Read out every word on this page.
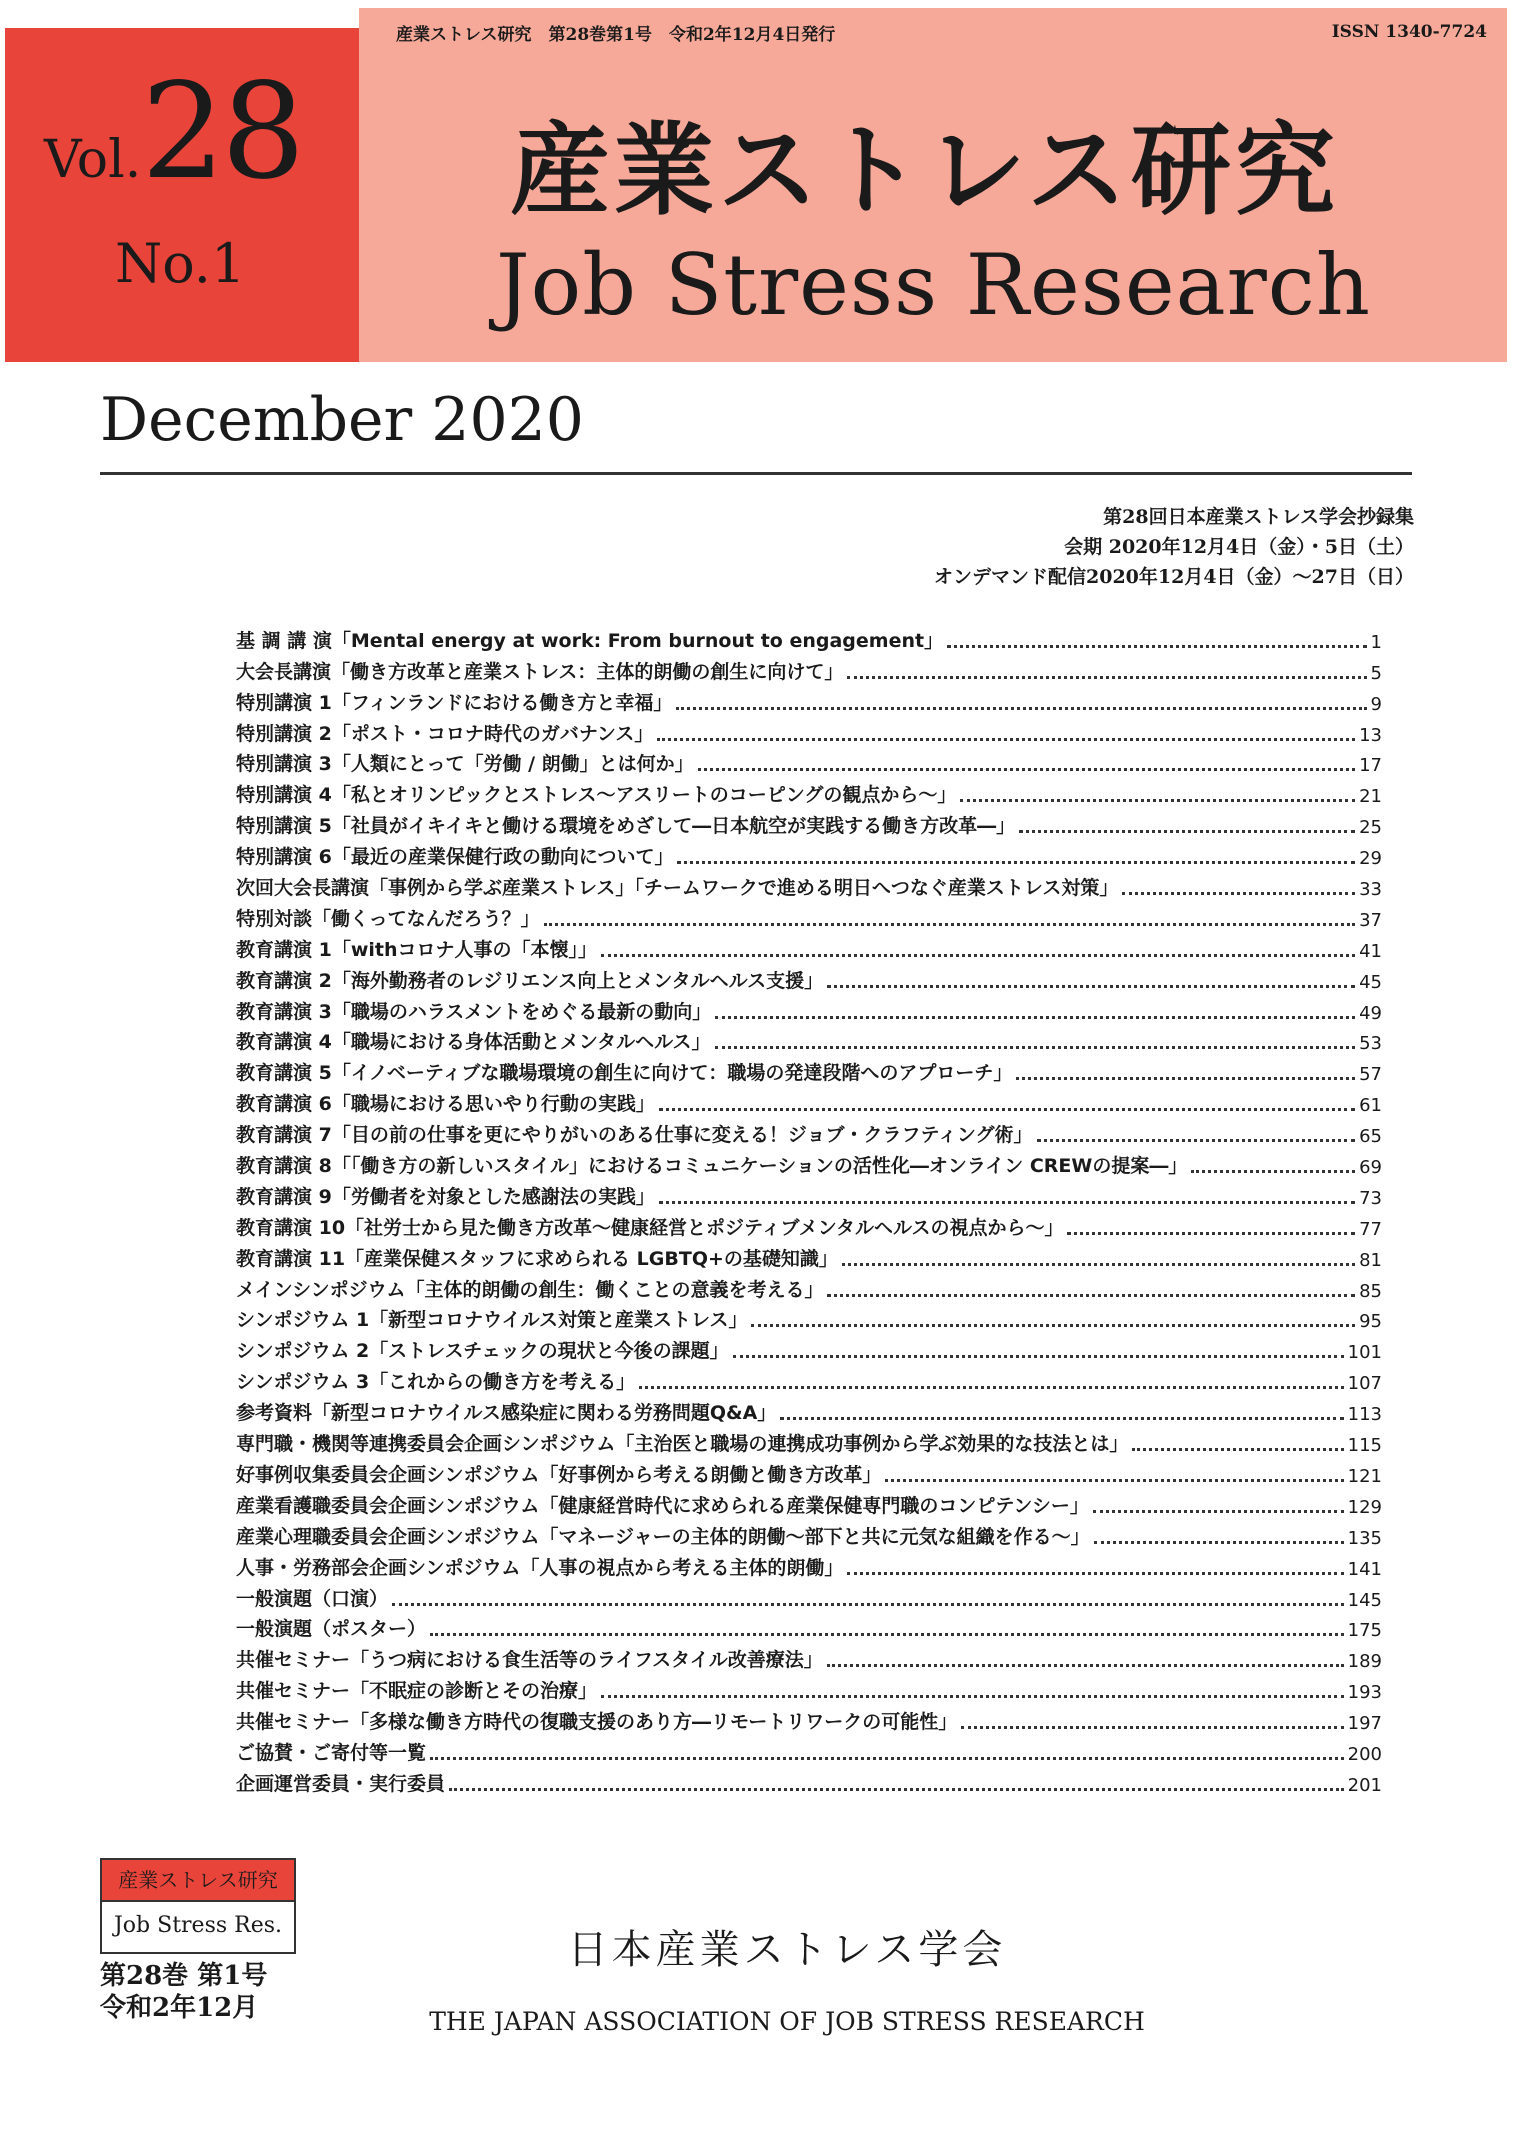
産業ストレス研究　第28巻第1号　令和2年12月4日発行	ISSN 1340-7724
Vol.28
No.1
産業ストレス研究
Job Stress Research
December 2020
第28回日本産業ストレス学会抄録集
会期 2020年12月4日（金）・5日（土）
オンデマンド配信2020年12月4日（金）～27日（日）
基 調 講 演「Mental energy at work: From burnout to engagement」	1
大会長講演「働き方改革と産業ストレス：主体的朗働の創生に向けて」	5
特別講演 1「フィンランドにおける働き方と幸福」	9
特別講演 2「ポスト・コロナ時代のガバナンス」	13
特別講演 3「人類にとって「労働 / 朗働」とは何か」	17
特別講演 4「私とオリンピックとストレス～アスリートのコーピングの観点から～」	21
特別講演 5「社員がイキイキと働ける環境をめざして―日本航空が実践する働き方改革―」	25
特別講演 6「最近の産業保健行政の動向について」	29
次回大会長講演「事例から学ぶ産業ストレス」「チームワークで進める明日へつなぐ産業ストレス対策」	33
特別対談「働くってなんだろう？」	37
教育講演 1「withコロナ人事の「本懐」」	41
教育講演 2「海外勤務者のレジリエンス向上とメンタルヘルス支援」	45
教育講演 3「職場のハラスメントをめぐる最新の動向」	49
教育講演 4「職場における身体活動とメンタルヘルス」	53
教育講演 5「イノベーティブな職場環境の創生に向けて：職場の発達段階へのアプローチ」	57
教育講演 6「職場における思いやり行動の実践」	61
教育講演 7「目の前の仕事を更にやりがいのある仕事に変える！ジョブ・クラフティング術」	65
教育講演 8「「働き方の新しいスタイル」におけるコミュニケーションの活性化―オンライン CREWの提案―」	69
教育講演 9「労働者を対象とした感謝法の実践」	73
教育講演 10「社労士から見た働き方改革～健康経営とポジティブメンタルヘルスの視点から～」	77
教育講演 11「産業保健スタッフに求められる LGBTQ+の基礎知識」	81
メインシンポジウム「主体的朗働の創生：働くことの意義を考える」	85
シンポジウム 1「新型コロナウイルス対策と産業ストレス」	95
シンポジウム 2「ストレスチェックの現状と今後の課題」	101
シンポジウム 3「これからの働き方を考える」	107
参考資料「新型コロナウイルス感染症に関わる労務問題Q&A」	113
専門職・機関等連携委員会企画シンポジウム「主治医と職場の連携成功事例から学ぶ効果的な技法とは」	115
好事例収集委員会企画シンポジウム「好事例から考える朗働と働き方改革」	121
産業看護職委員会企画シンポジウム「健康経営時代に求められる産業保健専門職のコンピテンシー」	129
産業心理職委員会企画シンポジウム「マネージャーの主体的朗働～部下と共に元気な組織を作る～」	135
人事・労務部会企画シンポジウム「人事の視点から考える主体的朗働」	141
一般演題（口演）	145
一般演題（ポスター）	175
共催セミナー「うつ病における食生活等のライフスタイル改善療法」	189
共催セミナー「不眠症の診断とその治療」	193
共催セミナー「多様な働き方時代の復職支援のあり方―リモートリワークの可能性」	197
ご協賛・ご寄付等一覧	200
企画運営委員・実行委員	201
産業ストレス研究
Job Stress Res.
第28巻 第1号
令和2年12月
日本産業ストレス学会
THE JAPAN ASSOCIATION OF JOB STRESS RESEARCH
